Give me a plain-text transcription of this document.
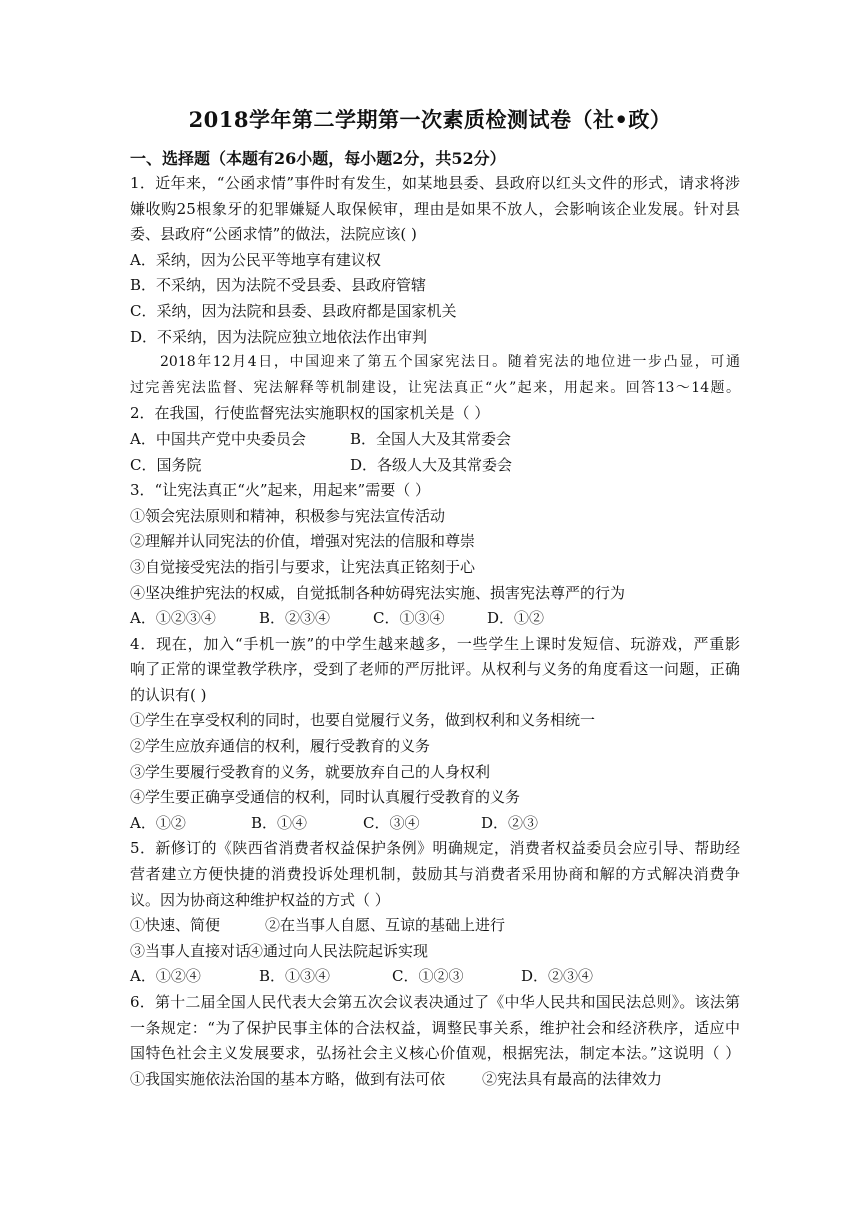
2018学年第二学期第一次素质检测试卷（社•政）
一、选择题（本题有26小题，每小题2分，共52分）
1．近年来，“公函求情”事件时有发生，如某地县委、县政府以红头文件的形式，请求将涉
嫌收购25根象牙的犯罪嫌疑人取保候审，理由是如果不放人，会影响该企业发展。针对县
委、县政府“公函求情”的做法，法院应该( )
A．采纳，因为公民平等地享有建议权
B．不采纳，因为法院不受县委、县政府管辖
C．采纳，因为法院和县委、县政府都是国家机关
D．不采纳，因为法院应独立地依法作出审判
2018年12月4日，中国迎来了第五个国家宪法日。随着宪法的地位进一步凸显，可通
过完善宪法监督、宪法解释等机制建设，让宪法真正“火”起来，用起来。回答13～14题。
2．在我国，行使监督宪法实施职权的国家机关是（ ）
A．中国共产党中央委员会	B．全国人大及其常委会
C．国务院	D．各级人大及其常委会
3．“让宪法真正“火”起来，用起来”需要（ ）
①领会宪法原则和精神，积极参与宪法宣传活动
②理解并认同宪法的价值，增强对宪法的信服和尊崇
③自觉接受宪法的指引与要求，让宪法真正铭刻于心
④坚决维护宪法的权威，自觉抵制各种妨碍宪法实施、损害宪法尊严的行为
A．①②③④	B．②③④	C．①③④	D．①②
4．现在，加入“手机一族”的中学生越来越多，一些学生上课时发短信、玩游戏，严重影
响了正常的课堂教学秩序，受到了老师的严厉批评。从权利与义务的角度看这一问题，正确
的认识有( )
①学生在享受权利的同时，也要自觉履行义务，做到权利和义务相统一
②学生应放弃通信的权利，履行受教育的义务
③学生要履行受教育的义务，就要放弃自己的人身权利
④学生要正确享受通信的权利，同时认真履行受教育的义务
A．①②	B．①④	C．③④	D．②③
5．新修订的《陕西省消费者权益保护条例》明确规定，消费者权益委员会应引导、帮助经
营者建立方便快捷的消费投诉处理机制，鼓励其与消费者采用协商和解的方式解决消费争
议。因为协商这种维护权益的方式（ ）
①快速、简便	②在当事人自愿、互谅的基础上进行
③当事人直接对话④通过向人民法院起诉实现
A．①②④	B．①③④	C．①②③	D．②③④
6．第十二届全国人民代表大会第五次会议表决通过了《中华人民共和国民法总则》。该法第
一条规定：“为了保护民事主体的合法权益，调整民事关系，维护社会和经济秩序，适应中
国特色社会主义发展要求，弘扬社会主义核心价值观，根据宪法，制定本法。”这说明（ ）
①我国实施依法治国的基本方略，做到有法可依 ②宪法具有最高的法律效力
